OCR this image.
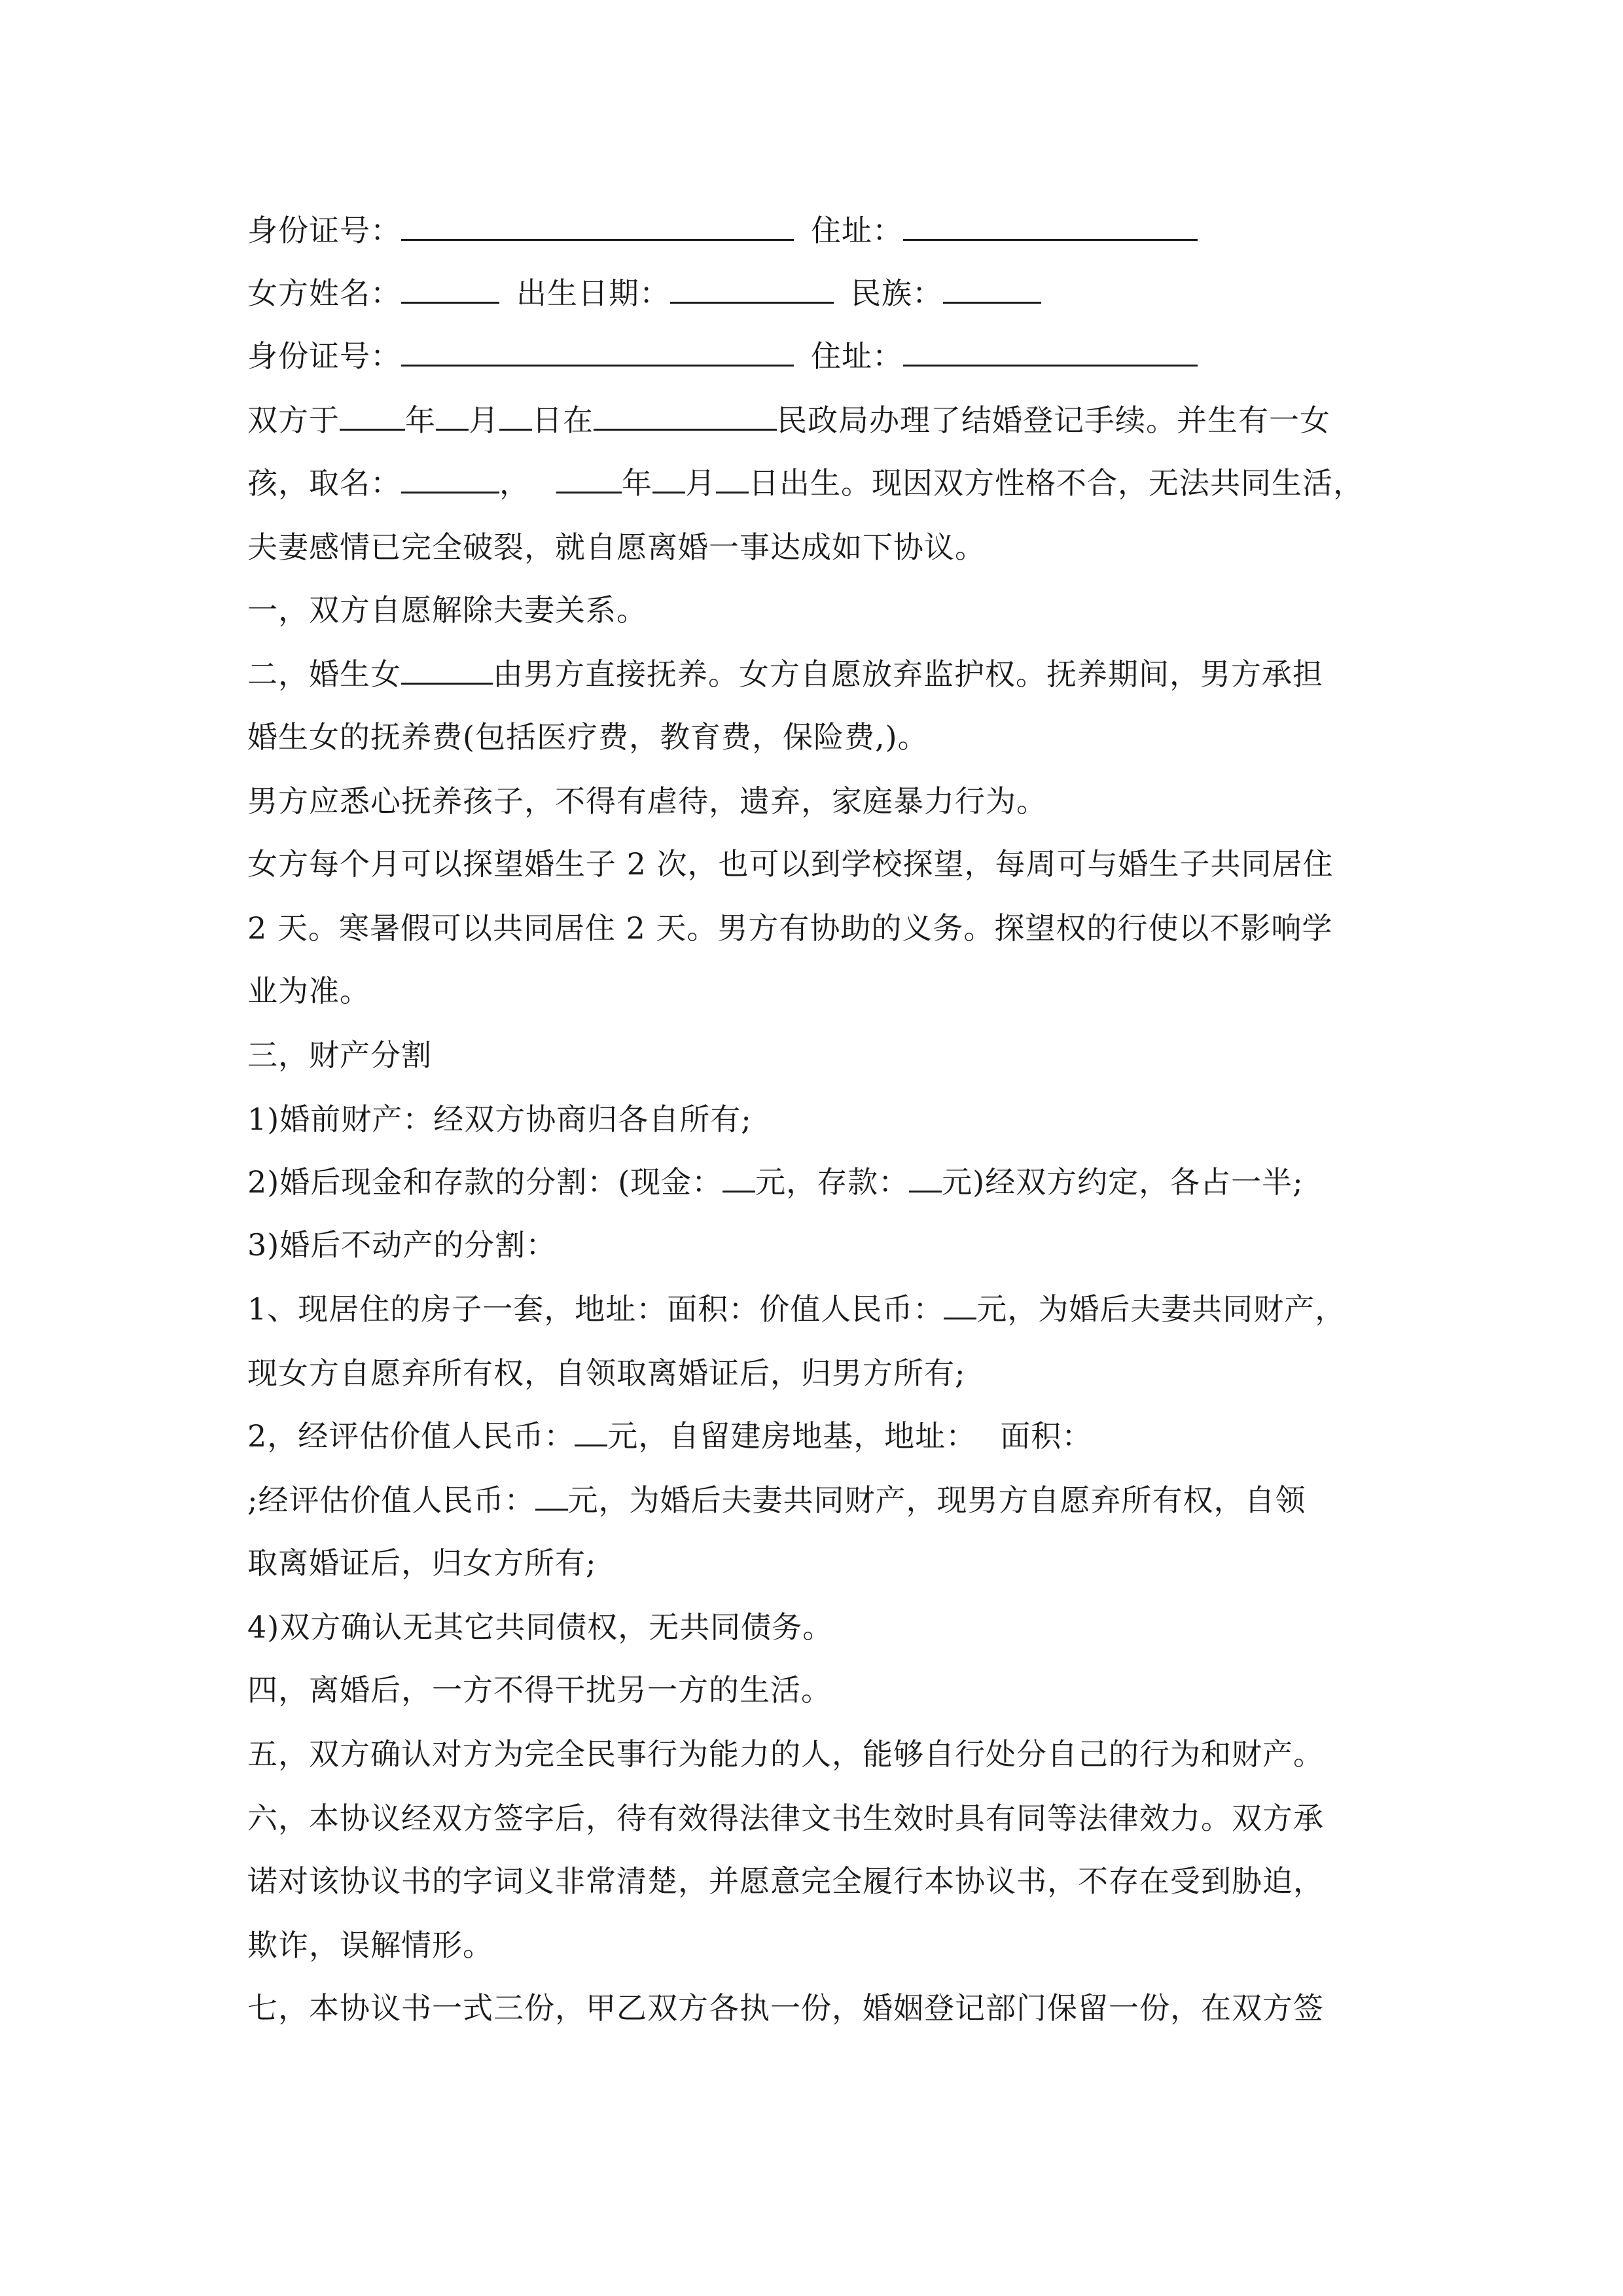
身份证号：	住址：
女方姓名：	出生日期：	民族：
身份证号：	住址：
双方于 年 月 日在	民政局办理了结婚登记手续。并生有一女
孩，取名：	，	年 月 日出生。现因双方性格不合，无法共同生活，
夫妻感情已完全破裂，就自愿离婚一事达成如下协议。
一，双方自愿解除夫妻关系。
二，婚生女	由男方直接抚养。女方自愿放弃监护权。抚养期间，男方承担
婚生女的抚养费(包括医疗费，教育费，保险费,)。
男方应悉心抚养孩子，不得有虐待，遗弃，家庭暴力行为。
女方每个月可以探望婚生子 2 次，也可以到学校探望，每周可与婚生子共同居住
2 天。寒暑假可以共同居住 2 天。男方有协助的义务。探望权的行使以不影响学
业为准。
三，财产分割
1)婚前财产：经双方协商归各自所有;
2)婚后现金和存款的分割：(现金： 元，存款： 元)经双方约定，各占一半;
3)婚后不动产的分割：
1、现居住的房子一套，地址：面积：价值人民币： 元，为婚后夫妻共同财产，
现女方自愿弃所有权，自领取离婚证后，归男方所有;
2，经评估价值人民币： 元，自留建房地基，地址： 面积：
;经评估价值人民币： 元，为婚后夫妻共同财产，现男方自愿弃所有权，自领
取离婚证后，归女方所有;
4)双方确认无其它共同债权，无共同债务。
四，离婚后，一方不得干扰另一方的生活。
五，双方确认对方为完全民事行为能力的人，能够自行处分自己的行为和财产。
六，本协议经双方签字后，待有效得法律文书生效时具有同等法律效力。双方承
诺对该协议书的字词义非常清楚，并愿意完全履行本协议书，不存在受到胁迫，
欺诈，误解情形。
七，本协议书一式三份，甲乙双方各执一份，婚姻登记部门保留一份，在双方签
